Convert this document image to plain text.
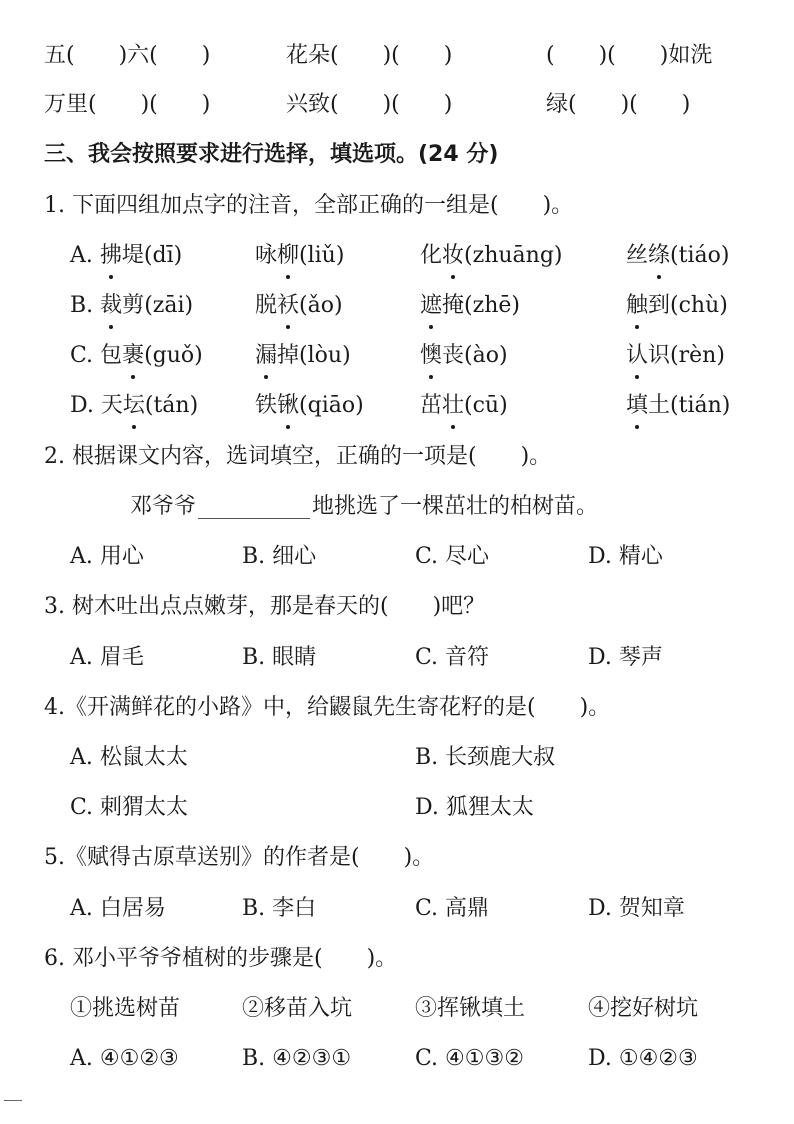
五(　　)六(　　)	花朵(　　)(　　)	(　　)(　　)如洗
万里(　　)(　　)	兴致(　　)(　　)	绿(　　)(　　)
三、我会按照要求进行选择，填选项。(24 分)
1. 下面四组加点字的注音，全部正确的一组是(　　)。
A. 拂堤(dī)	咏柳(liǔ)	化妆(zhuāng)	丝绦(tiáo)
B. 裁剪(zāi)	脱袄(ǎo)	遮掩(zhē)	触到(chù)
C. 包裹(guǒ) 漏掉(lòu)	懊丧(ào)	认识(rèn)
D. 天坛(tán)	铁锹(qiāo)	茁壮(cū)	填土(tián)
2. 根据课文内容，选词填空，正确的一项是(　　)。
邓爷爷	地挑选了一棵茁壮的柏树苗。
A. 用心	B. 细心	C. 尽心	D. 精心
3. 树木吐出点点嫩芽，那是春天的(　　)吧？
A. 眉毛	B. 眼睛	C. 音符	D. 琴声
4.《开满鲜花的小路》中，给鼹鼠先生寄花籽的是(　　)。
A. 松鼠太太	B. 长颈鹿大叔
C. 刺猬太太	D. 狐狸太太
5.《赋得古原草送别》的作者是(　　)。
A. 白居易	B. 李白	C. 高鼎	D. 贺知章
6. 邓小平爷爷植树的步骤是(　　)。
①挑选树苗	②移苗入坑	③挥锹填土	④挖好树坑
A. ④①②③	B. ④②③①	C. ④①③②	D. ①④②③
